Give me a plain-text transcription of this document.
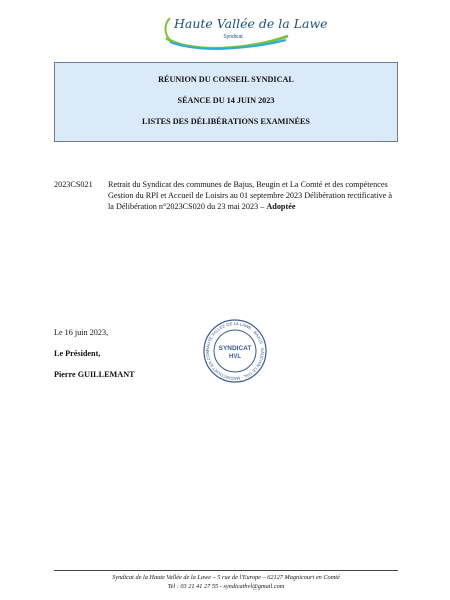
Haute Vallée de la Lawe
Syndicat
RÉUNION DU CONSEIL SYNDICAL
SÉANCE DU 14 JUIN 2023
LISTES DES DÉLIBÉRATIONS EXAMINÉES
2023CS021 Retrait du Syndicat des communes de Bajus, Beugin et La Comté et des compétences Gestion du RPI et Accueil de Loisirs au 01 septembre 2023 Délibération rectificative à la Délibération n°2023CS020 du 23 mai 2023 – Adoptée
Le 16 juin 2023,
Le Président,
Pierre GUILLEMANT
HAUTE VALLÉE DE LA LAWE · BAJUS · GAUCHIN LE GAL · MAGNICOURT EN COM	SYNDICAT
HVL
Syndicat de la Haute Vallée de la Lawe – 5 rue de l'Europe – 62127 Magnicourt en Comté
Tel : 03 21 41 27 55 - syndicathvl@gmail.com
